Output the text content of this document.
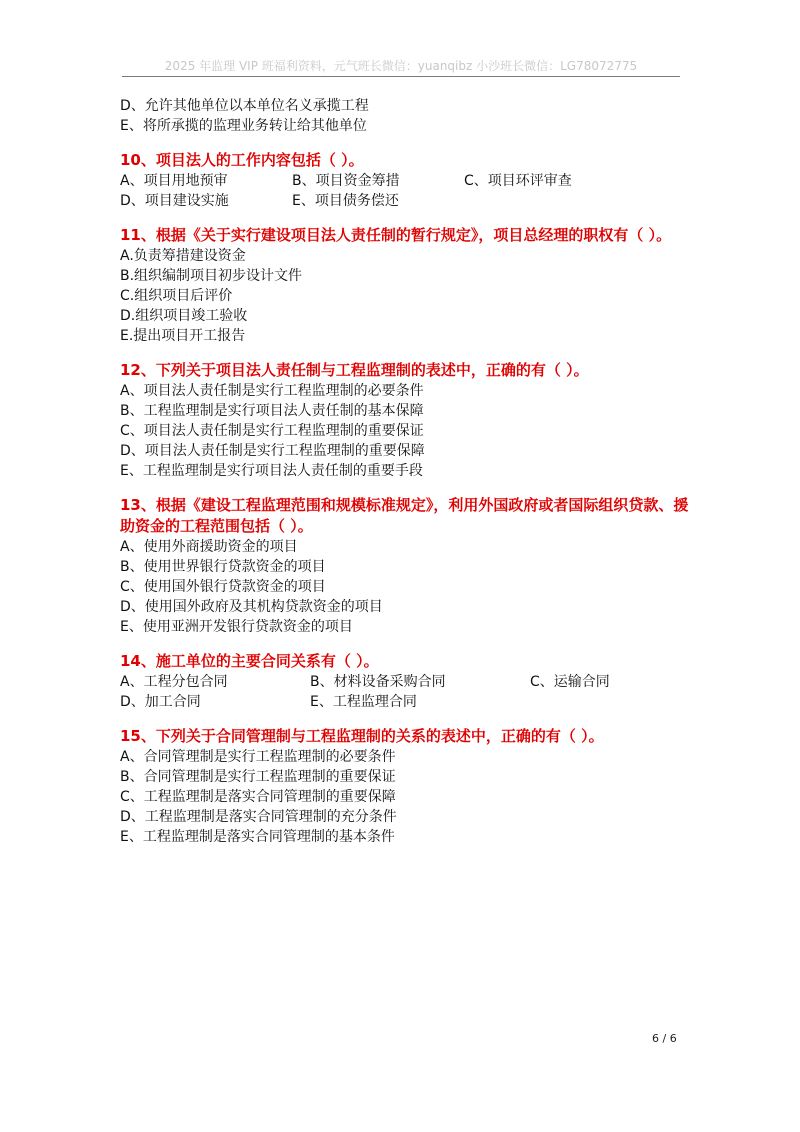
2025 年监理 VIP 班福利资料，元气班长微信：yuanqibz 小沙班长微信：LG78072775
D、允许其他单位以本单位名义承揽工程
E、将所承揽的监理业务转让给其他单位
10、项目法人的工作内容包括（ ）。
A、项目用地预审	B、项目资金筹措	C、项目环评审查
D、项目建设实施	E、项目债务偿还
11、根据《关于实行建设项目法人责任制的暂行规定》，项目总经理的职权有（ ）。
A.负责筹措建设资金
B.组织编制项目初步设计文件
C.组织项目后评价
D.组织项目竣工验收
E.提出项目开工报告
12、下列关于项目法人责任制与工程监理制的表述中，正确的有（ ）。
A、项目法人责任制是实行工程监理制的必要条件
B、工程监理制是实行项目法人责任制的基本保障
C、项目法人责任制是实行工程监理制的重要保证
D、项目法人责任制是实行工程监理制的重要保障
E、工程监理制是实行项目法人责任制的重要手段
13、根据《建设工程监理范围和规模标准规定》，利用外国政府或者国际组织贷款、援助资金的工程范围包括（ ）。
A、使用外商援助资金的项目
B、使用世界银行贷款资金的项目
C、使用国外银行贷款资金的项目
D、使用国外政府及其机构贷款资金的项目
E、使用亚洲开发银行贷款资金的项目
14、施工单位的主要合同关系有（ ）。
A、工程分包合同	B、材料设备采购合同	C、运输合同
D、加工合同	E、工程监理合同
15、下列关于合同管理制与工程监理制的关系的表述中，正确的有（ ）。
A、合同管理制是实行工程监理制的必要条件
B、合同管理制是实行工程监理制的重要保证
C、工程监理制是落实合同管理制的重要保障
D、工程监理制是落实合同管理制的充分条件
E、工程监理制是落实合同管理制的基本条件
6 / 6
